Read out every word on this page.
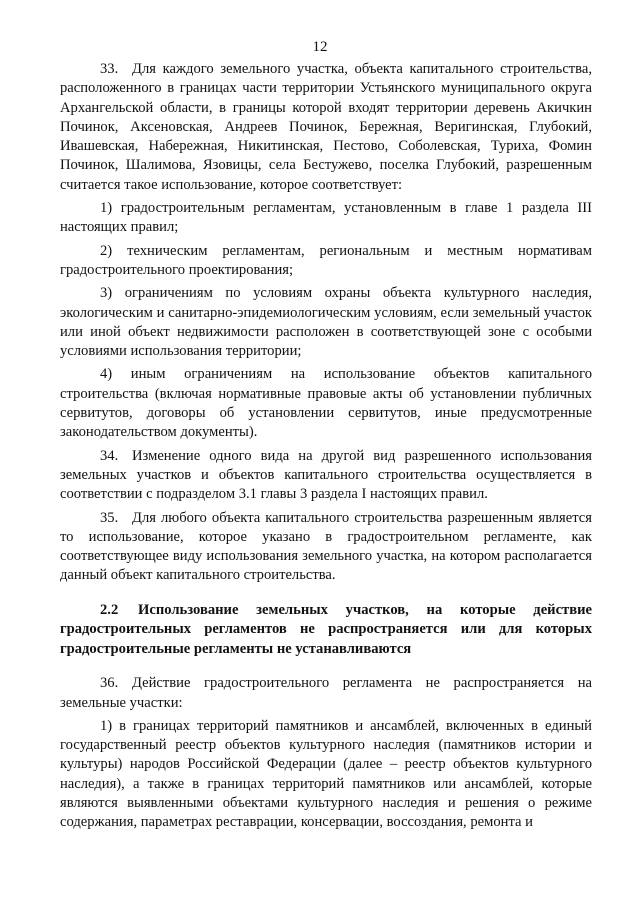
12

33. Для каждого земельного участка, объекта капитального строительства, расположенного в границах части территории Устьянского муниципального округа Архангельской области, в границы которой входят территории деревень Акичкин Починок, Аксеновская, Андреев Починок, Бережная, Веригинская, Глубокий, Ивашевская, Набережная, Никитинская, Пестово, Соболевская, Туриха, Фомин Починок, Шалимова, Язовицы, села Бестужево, поселка Глубокий, разрешенным считается такое использование, которое соответствует:

1) градостроительным регламентам, установленным в главе 1 раздела III настоящих правил;

2) техническим регламентам, региональным и местным нормативам градостроительного проектирования;

3) ограничениям по условиям охраны объекта культурного наследия, экологическим и санитарно-эпидемиологическим условиям, если земельный участок или иной объект недвижимости расположен в соответствующей зоне с особыми условиями использования территории;

4) иным ограничениям на использование объектов капитального строительства (включая нормативные правовые акты об установлении публичных сервитутов, договоры об установлении сервитутов, иные предусмотренные законодательством документы).

34. Изменение одного вида на другой вид разрешенного использования земельных участков и объектов капитального строительства осуществляется в соответствии с подразделом 3.1 главы 3 раздела I настоящих правил.

35. Для любого объекта капитального строительства разрешенным является то использование, которое указано в градостроительном регламенте, как соответствующее виду использования земельного участка, на котором располагается данный объект капитального строительства.

2.2 Использование земельных участков, на которые действие градостроительных регламентов не распространяется или для которых градостроительные регламенты не устанавливаются

36. Действие градостроительного регламента не распространяется на земельные участки:

1) в границах территорий памятников и ансамблей, включенных в единый государственный реестр объектов культурного наследия (памятников истории и культуры) народов Российской Федерации (далее – реестр объектов культурного наследия), а также в границах территорий памятников или ансамблей, которые являются выявленными объектами культурного наследия и решения о режиме содержания, параметрах реставрации, консервации, воссоздания, ремонта и
